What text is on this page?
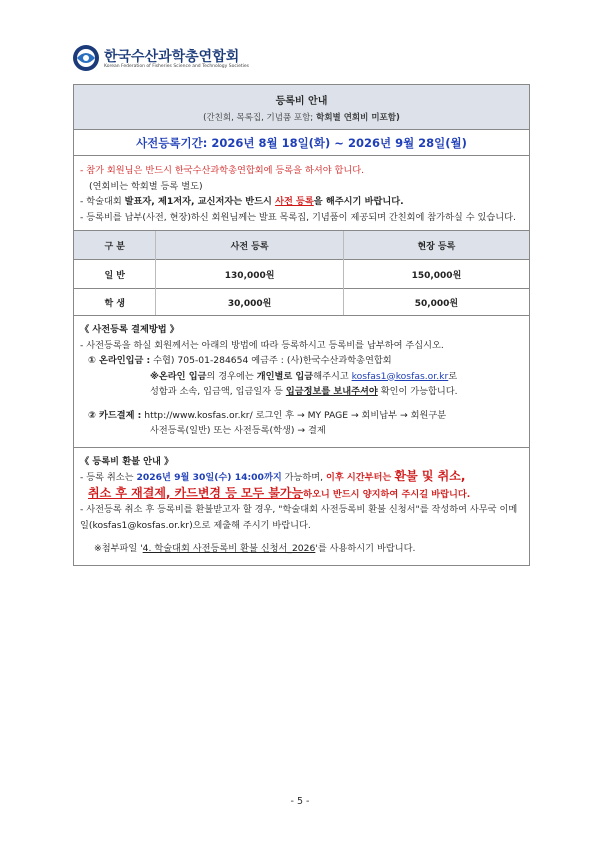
한국수산과학총연합회
Korean Federation of Fisheries Science and Technology Societies
등록비 안내
(간친회, 목록집, 기념품 포함; 학회별 연회비 미포함)
사전등록기간: 2026년 8월 18일(화) ~ 2026년 9월 28일(월)
- 참가 회원님은 반드시 한국수산과학총연합회에 등록을 하셔야 합니다.
(연회비는 학회별 등록 별도)
- 학술대회 발표자, 제1저자, 교신저자는 반드시 사전 등록을 해주시기 바랍니다.
- 등록비를 납부(사전, 현장)하신 회원님께는 발표 목록집, 기념품이 제공되며 간친회에 참가하실 수 있습니다.
구 분	사전 등록	현장 등록
일 반	130,000원	150,000원
학 생	30,000원	50,000원
《 사전등록 결제방법 》
- 사전등록을 하실 회원께서는 아래의 방법에 따라 등록하시고 등록비를 납부하여 주십시오.
① 온라인입금 : 수협) 705-01-284654 예금주 : (사)한국수산과학총연합회
※온라인 입금의 경우에는 개인별로 입금해주시고 kosfas1@kosfas.or.kr로
성함과 소속, 입금액, 입금일자 등 입금정보를 보내주셔야 확인이 가능합니다.
② 카드결제 : http://www.kosfas.or.kr/ 로그인 후 → MY PAGE → 회비납부 → 회원구분
사전등록(일반) 또는 사전등록(학생) → 결제
《 등록비 환불 안내 》
- 등록 취소는 2026년 9월 30일(수) 14:00까지 가능하며, 이후 시간부터는 환불 및 취소,
취소 후 재결제, 카드변경 등 모두 불가능하오니 반드시 양지하여 주시길 바랍니다.
- 사전등록 취소 후 등록비를 환불받고자 할 경우, "학술대회 사전등록비 환불 신청서"를 작성하여 사무국 이메일(kosfas1@kosfas.or.kr)으로 제출해 주시기 바랍니다.
※첨부파일 '4. 학술대회 사전등록비 환불 신청서_2026'를 사용하시기 바랍니다.
- 5 -
